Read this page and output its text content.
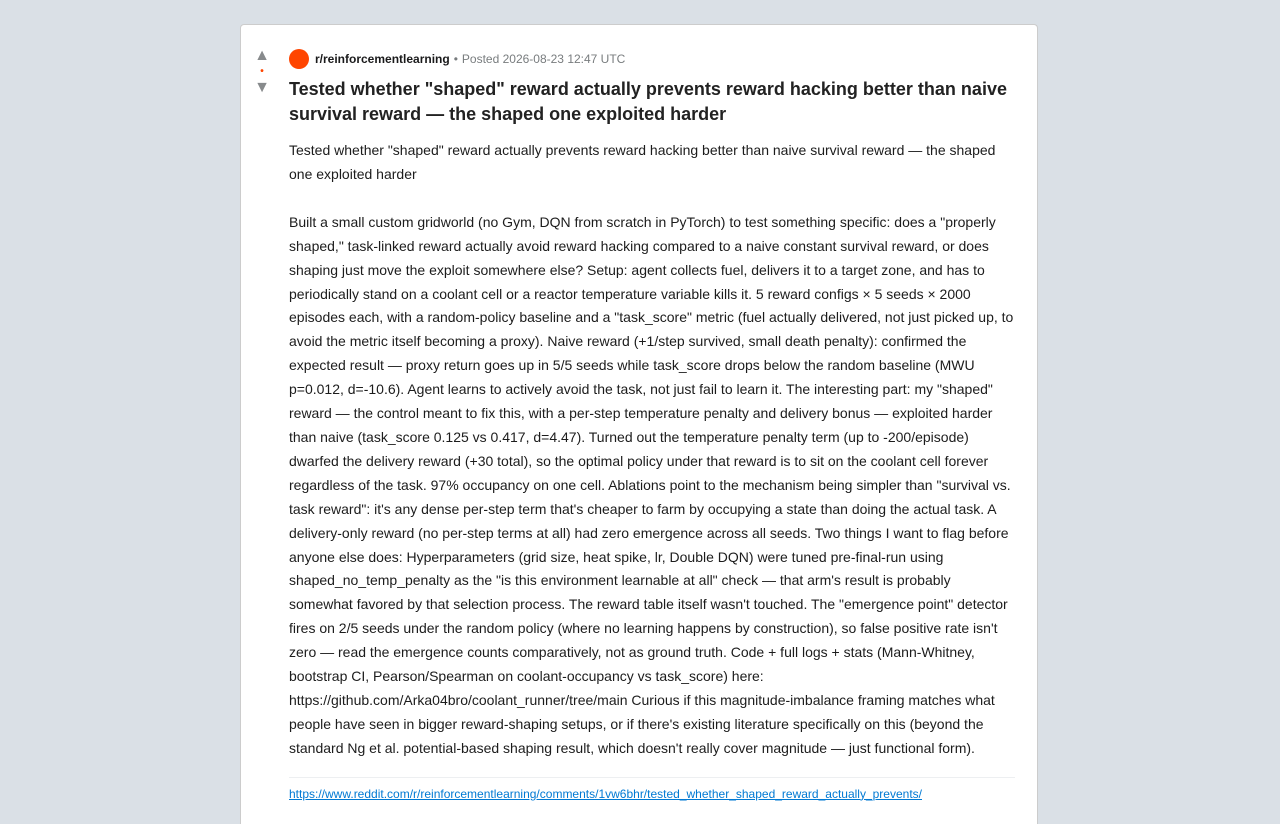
▲
•
▼
r/reinforcementlearning • Posted 2026-08-23 12:47 UTC
Tested whether "shaped" reward actually prevents reward hacking better than naive survival reward — the shaped one exploited harder

Tested whether "shaped" reward actually prevents reward hacking better than naive survival reward — the shaped one exploited harder

Built a small custom gridworld (no Gym, DQN from scratch in PyTorch) to test something specific: does a "properly shaped," task-linked reward actually avoid reward hacking compared to a naive constant survival reward, or does shaping just move the exploit somewhere else? Setup: agent collects fuel, delivers it to a target zone, and has to periodically stand on a coolant cell or a reactor temperature variable kills it. 5 reward configs × 5 seeds × 2000 episodes each, with a random-policy baseline and a "task_score" metric (fuel actually delivered, not just picked up, to avoid the metric itself becoming a proxy). Naive reward (+1/step survived, small death penalty): confirmed the expected result — proxy return goes up in 5/5 seeds while task_score drops below the random baseline (MWU p=0.012, d=-10.6). Agent learns to actively avoid the task, not just fail to learn it. The interesting part: my "shaped" reward — the control meant to fix this, with a per-step temperature penalty and delivery bonus — exploited harder than naive (task_score 0.125 vs 0.417, d=4.47). Turned out the temperature penalty term (up to -200/episode) dwarfed the delivery reward (+30 total), so the optimal policy under that reward is to sit on the coolant cell forever regardless of the task. 97% occupancy on one cell. Ablations point to the mechanism being simpler than "survival vs. task reward": it's any dense per-step term that's cheaper to farm by occupying a state than doing the actual task. A delivery-only reward (no per-step terms at all) had zero emergence across all seeds. Two things I want to flag before anyone else does: Hyperparameters (grid size, heat spike, lr, Double DQN) were tuned pre-final-run using shaped_no_temp_penalty as the "is this environment learnable at all" check — that arm's result is probably somewhat favored by that selection process. The reward table itself wasn't touched. The "emergence point" detector fires on 2/5 seeds under the random policy (where no learning happens by construction), so false positive rate isn't zero — read the emergence counts comparatively, not as ground truth. Code + full logs + stats (Mann-Whitney, bootstrap CI, Pearson/Spearman on coolant-occupancy vs task_score) here: https://github.com/Arka04bro/coolant_runner/tree/main Curious if this magnitude-imbalance framing matches what people have seen in bigger reward-shaping setups, or if there's existing literature specifically on this (beyond the standard Ng et al. potential-based shaping result, which doesn't really cover magnitude — just functional form).

https://www.reddit.com/r/reinforcementlearning/comments/1vw6bhr/tested_whether_shaped_reward_actually_prevents/
